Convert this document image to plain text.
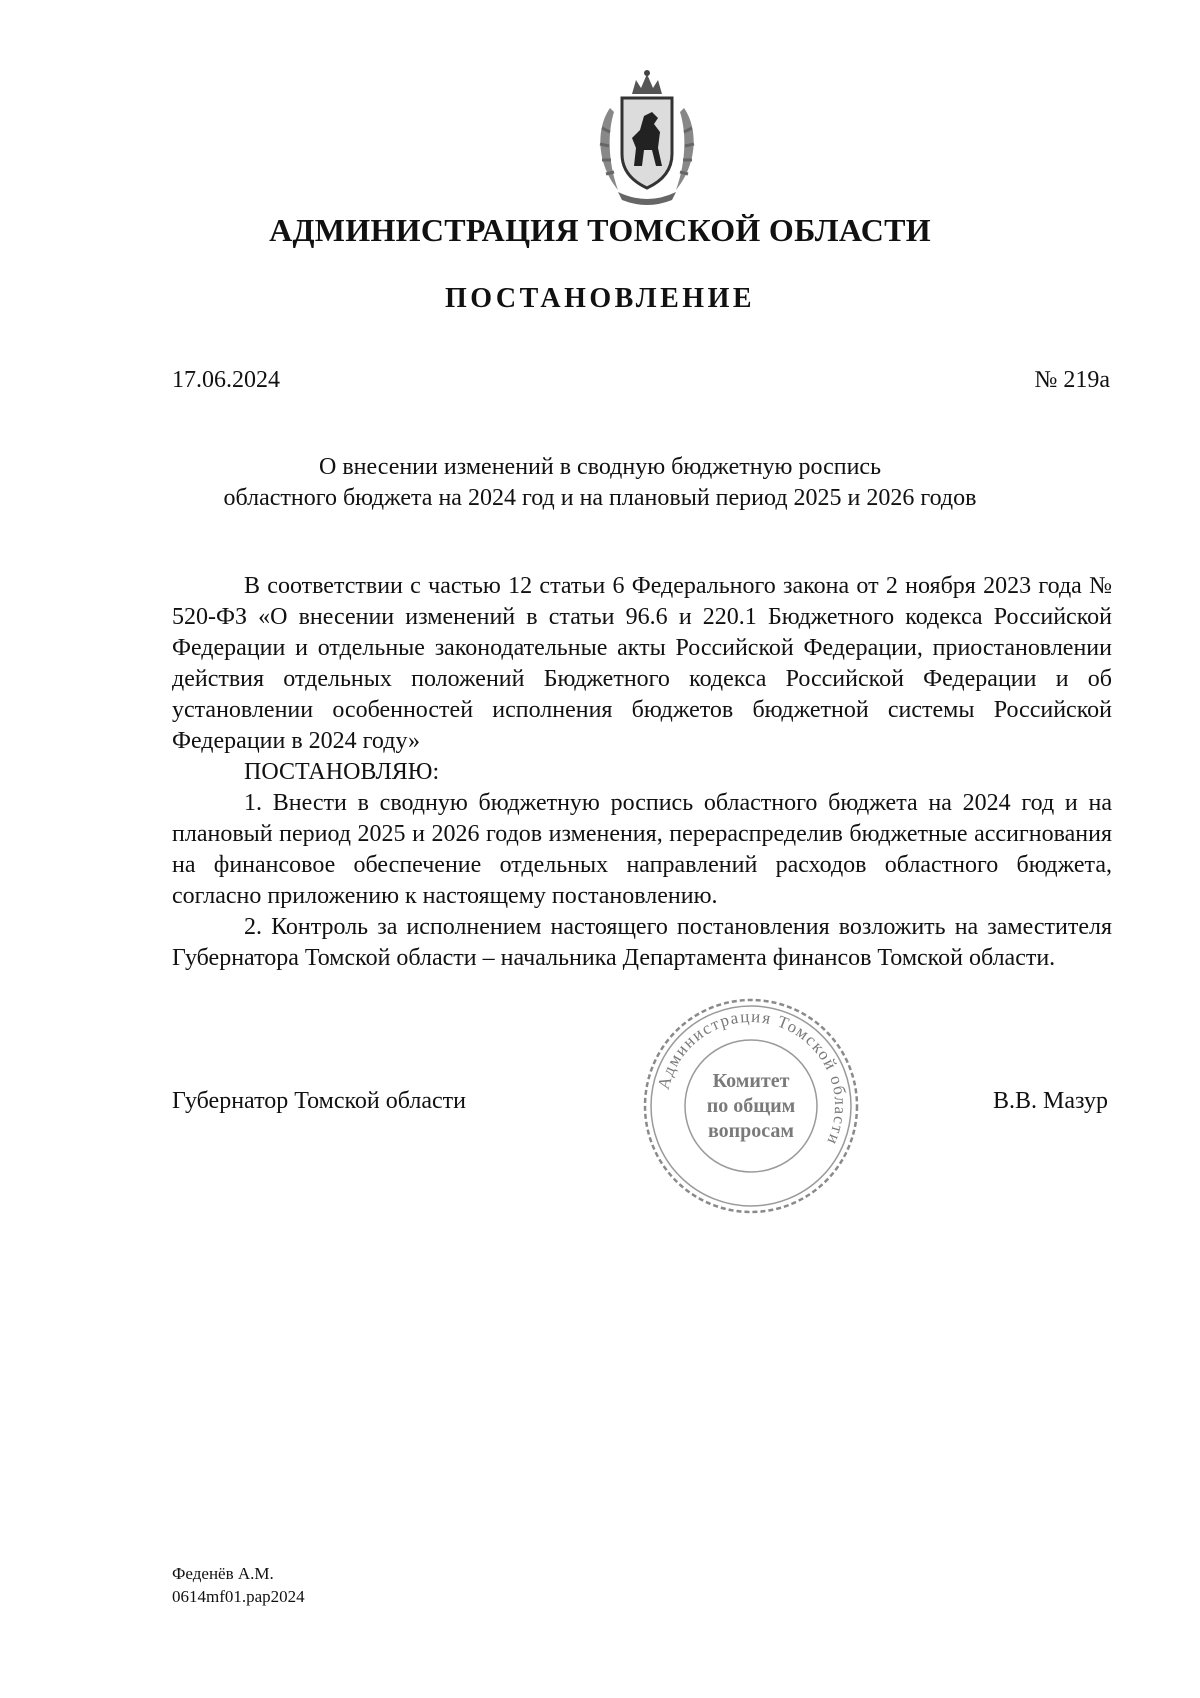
АДМИНИСТРАЦИЯ ТОМСКОЙ ОБЛАСТИ
ПОСТАНОВЛЕНИЕ
17.06.2024	№ 219а

О внесении изменений в сводную бюджетную роспись

областного бюджета на 2024 год и на плановый период 2025 и 2026 годов

В соответствии с частью 12 статьи 6 Федерального закона от 2 ноября 2023 года № 520-ФЗ «О внесении изменений в статьи 96.6 и 220.1 Бюджетного кодекса Российской Федерации и отдельные законодательные акты Российской Федерации, приостановлении действия отдельных положений Бюджетного кодекса Российской Федерации и об установлении особенностей исполнения бюджетов бюджетной системы Российской Федерации в 2024 году»

ПОСТАНОВЛЯЮ:

1. Внести в сводную бюджетную роспись областного бюджета на 2024 год и на плановый период 2025 и 2026 годов изменения, перераспределив бюджетные ассигнования на финансовое обеспечение отдельных направлений расходов областного бюджета, согласно приложению к настоящему постановлению.

2. Контроль за исполнением настоящего постановления возложить на заместителя Губернатора Томской области – начальника Департамента финансов Томской области.

Губернатор Томской области	В.В. Мазур
Администрация Томской области
Комитет
по общим
вопросам
Феденёв А.М.
0614mf01.pap2024
